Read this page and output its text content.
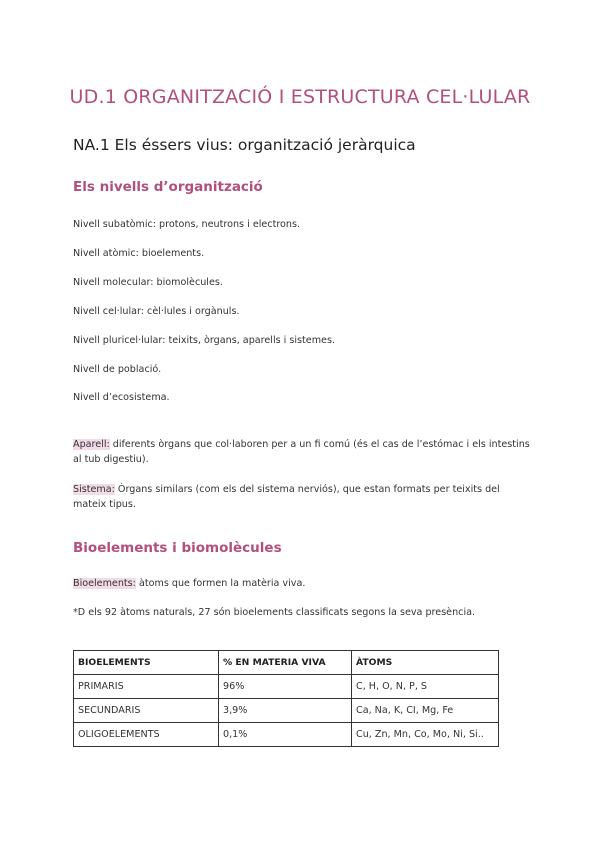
UD.1 ORGANITZACIÓ I ESTRUCTURA CEL·LULAR
NA.1 Els éssers vius: organització jeràrquica
Els nivells d’organització
Nivell subatòmic: protons, neutrons i electrons.
Nivell atòmic: bioelements.
Nivell molecular: biomolècules.
Nivell cel·lular: cèl·lules i orgànuls.
Nivell pluricel·lular: teixits, òrgans, aparells i sistemes.
Nivell de població.
Nivell d’ecosistema.
Aparell: diferents òrgans que col·laboren per a un fi comú (és el cas de l’estómac i els intestins al tub digestiu).
Sistema: Òrgans similars (com els del sistema nerviós), que estan formats per teixits del mateix tipus.
Bioelements i biomolècules
Bioelements: àtoms que formen la matèria viva.
*D els 92 àtoms naturals, 27 són bioelements classificats segons la seva presència.
BIOELEMENTS	% EN MATERIA VIVA	ÀTOMS
PRIMARIS	96%	C, H, O, N, P, S
SECUNDARIS	3,9%	Ca, Na, K, CI, Mg, Fe
OLIGOELEMENTS	0,1%	Cu, Zn, Mn, Co, Mo, Ni, Si..
